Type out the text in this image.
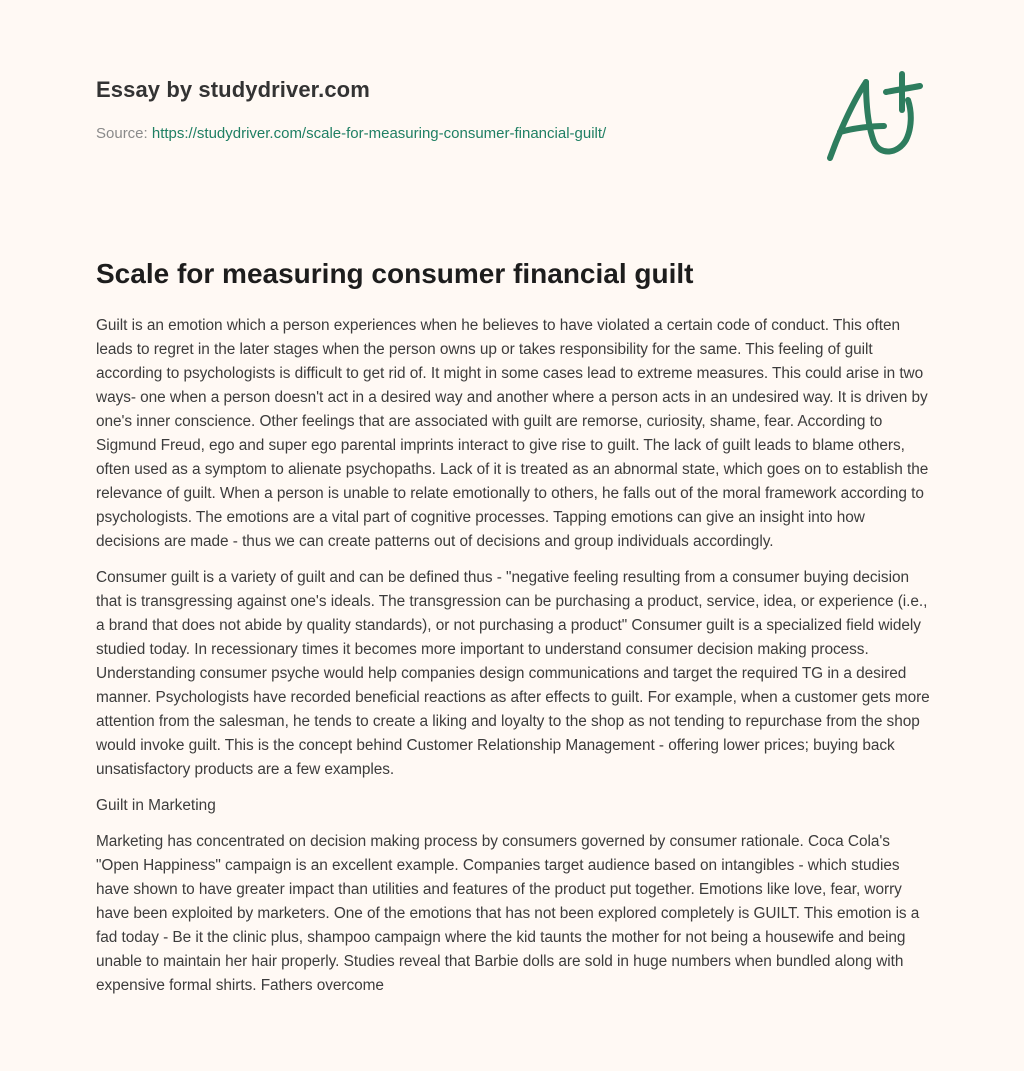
Essay by studydriver.com
Source: https://studydriver.com/scale-for-measuring-consumer-financial-guilt/
Scale for measuring consumer financial guilt

Guilt is an emotion which a person experiences when he believes to have violated a certain code of conduct. This often leads to regret in the later stages when the person owns up or takes responsibility for the same. This feeling of guilt according to psychologists is difficult to get rid of. It might in some cases lead to extreme measures. This could arise in two ways- one when a person doesn't act in a desired way and another where a person acts in an undesired way. It is driven by one's inner conscience. Other feelings that are associated with guilt are remorse, curiosity, shame, fear. According to Sigmund Freud, ego and super ego parental imprints interact to give rise to guilt. The lack of guilt leads to blame others, often used as a symptom to alienate psychopaths. Lack of it is treated as an abnormal state, which goes on to establish the relevance of guilt. When a person is unable to relate emotionally to others, he falls out of the moral framework according to psychologists. The emotions are a vital part of cognitive processes. Tapping emotions can give an insight into how decisions are made - thus we can create patterns out of decisions and group individuals accordingly.

Consumer guilt is a variety of guilt and can be defined thus - "negative feeling resulting from a consumer buying decision that is transgressing against one's ideals. The transgression can be purchasing a product, service, idea, or experience (i.e., a brand that does not abide by quality standards), or not purchasing a product" Consumer guilt is a specialized field widely studied today. In recessionary times it becomes more important to understand consumer decision making process. Understanding consumer psyche would help companies design communications and target the required TG in a desired manner. Psychologists have recorded beneficial reactions as after effects to guilt. For example, when a customer gets more attention from the salesman, he tends to create a liking and loyalty to the shop as not tending to repurchase from the shop would invoke guilt. This is the concept behind Customer Relationship Management - offering lower prices; buying back unsatisfactory products are a few examples.

Guilt in Marketing

Marketing has concentrated on decision making process by consumers governed by consumer rationale. Coca Cola's "Open Happiness" campaign is an excellent example. Companies target audience based on intangibles - which studies have shown to have greater impact than utilities and features of the product put together. Emotions like love, fear, worry have been exploited by marketers. One of the emotions that has not been explored completely is GUILT. This emotion is a fad today - Be it the clinic plus, shampoo campaign where the kid taunts the mother for not being a housewife and being unable to maintain her hair properly. Studies reveal that Barbie dolls are sold in huge numbers when bundled along with expensive formal shirts. Fathers overcome
